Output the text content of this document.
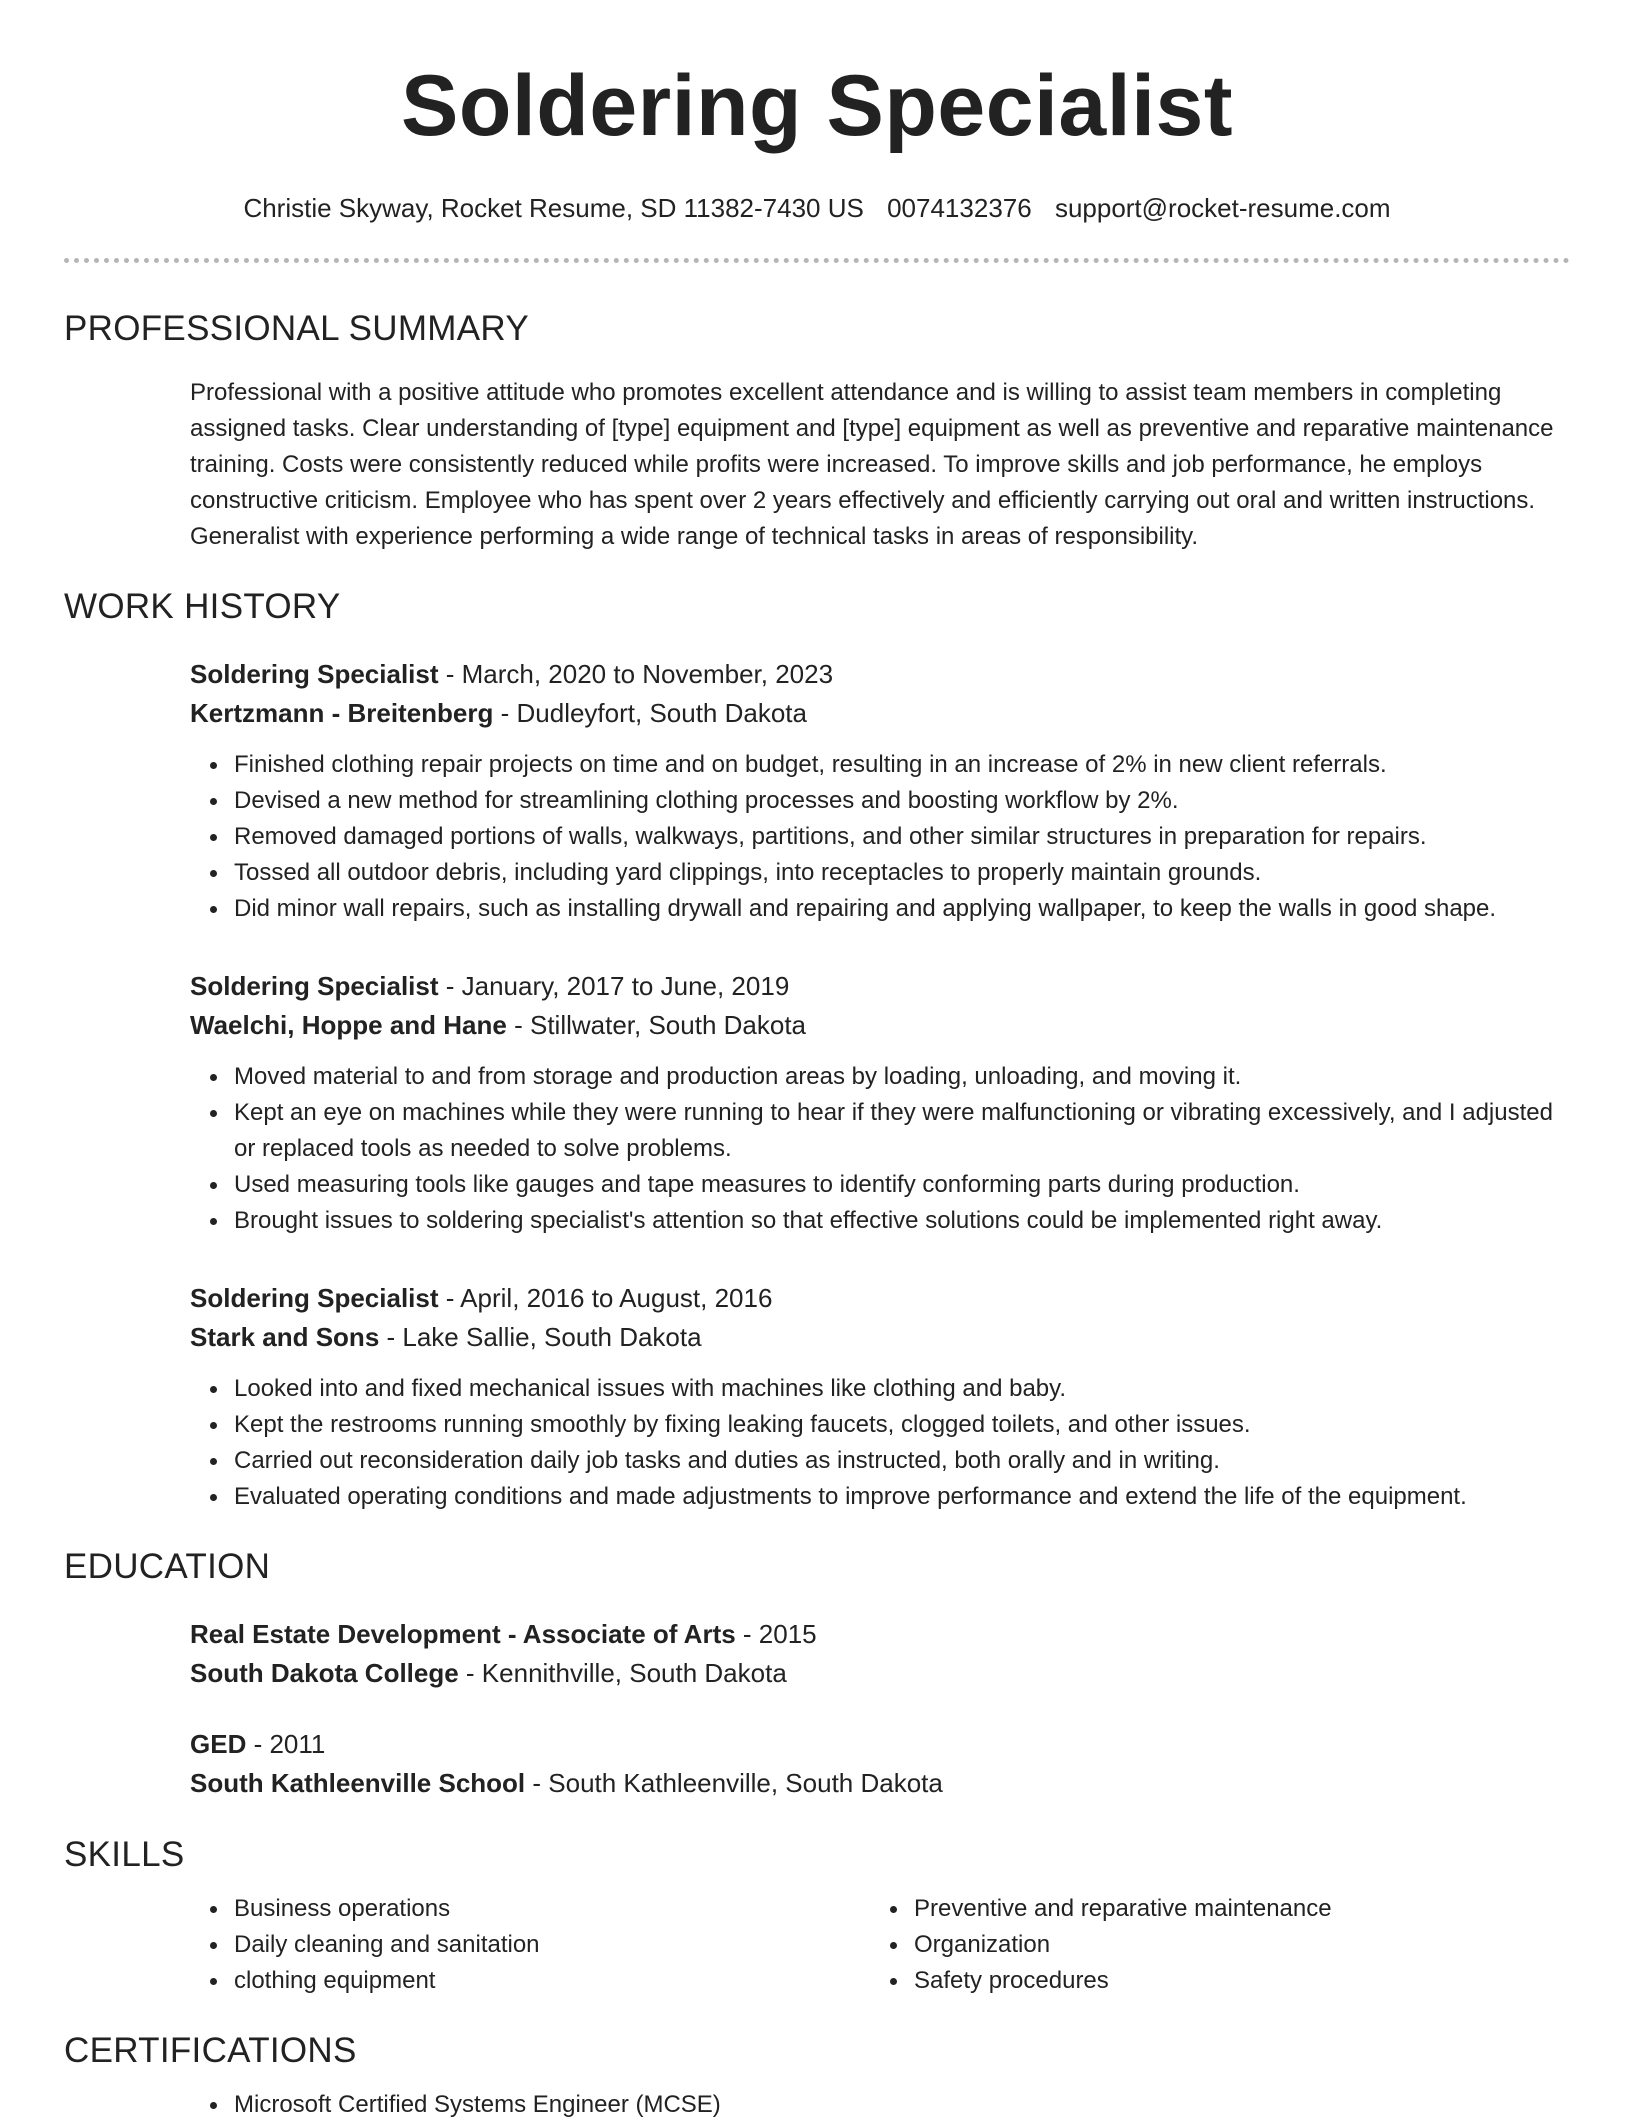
Soldering Specialist
Christie Skyway, Rocket Resume, SD 11382-7430 US 0074132376 support@rocket-resume.com
PROFESSIONAL SUMMARY

Professional with a positive attitude who promotes excellent attendance and is willing to assist team members in completing assigned tasks. Clear understanding of [type] equipment and [type] equipment as well as preventive and reparative maintenance training. Costs were consistently reduced while profits were increased. To improve skills and job performance, he employs constructive criticism. Employee who has spent over 2 years effectively and efficiently carrying out oral and written instructions. Generalist with experience performing a wide range of technical tasks in areas of responsibility.

WORK HISTORY
Soldering Specialist - March, 2020 to November, 2023
Kertzmann - Breitenberg - Dudleyfort, South Dakota
Finished clothing repair projects on time and on budget, resulting in an increase of 2% in new client referrals.
Devised a new method for streamlining clothing processes and boosting workflow by 2%.
Removed damaged portions of walls, walkways, partitions, and other similar structures in preparation for repairs.
Tossed all outdoor debris, including yard clippings, into receptacles to properly maintain grounds.
Did minor wall repairs, such as installing drywall and repairing and applying wallpaper, to keep the walls in good shape.
Soldering Specialist - January, 2017 to June, 2019
Waelchi, Hoppe and Hane - Stillwater, South Dakota
Moved material to and from storage and production areas by loading, unloading, and moving it.
Kept an eye on machines while they were running to hear if they were malfunctioning or vibrating excessively, and I adjusted or replaced tools as needed to solve problems.
Used measuring tools like gauges and tape measures to identify conforming parts during production.
Brought issues to soldering specialist's attention so that effective solutions could be implemented right away.
Soldering Specialist - April, 2016 to August, 2016
Stark and Sons - Lake Sallie, South Dakota
Looked into and fixed mechanical issues with machines like clothing and baby.
Kept the restrooms running smoothly by fixing leaking faucets, clogged toilets, and other issues.
Carried out reconsideration daily job tasks and duties as instructed, both orally and in writing.
Evaluated operating conditions and made adjustments to improve performance and extend the life of the equipment.
EDUCATION
Real Estate Development - Associate of Arts - 2015
South Dakota College - Kennithville, South Dakota
GED - 2011
South Kathleenville School - South Kathleenville, South Dakota
SKILLS
Business operations
Daily cleaning and sanitation
clothing equipment
Preventive and reparative maintenance
Organization
Safety procedures
CERTIFICATIONS
Microsoft Certified Systems Engineer (MCSE)
